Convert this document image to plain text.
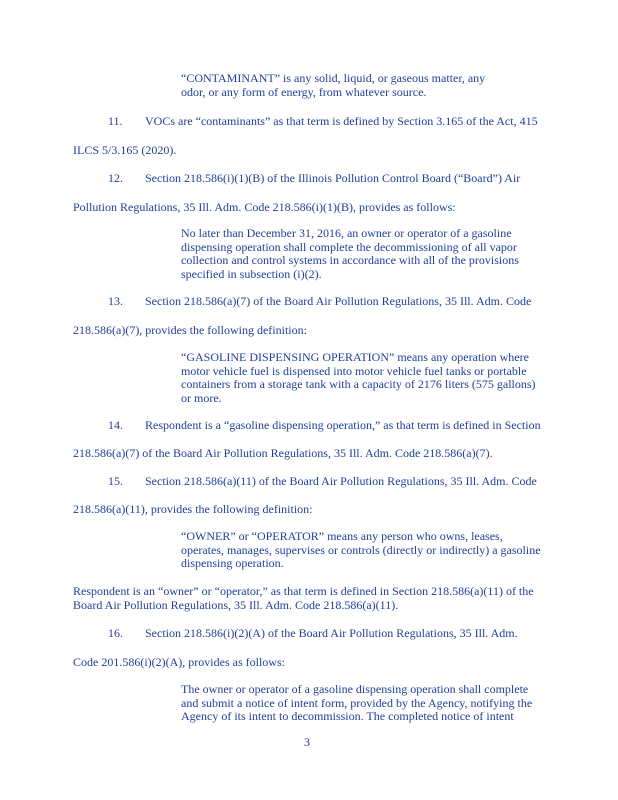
“CONTAMINANT” is any solid, liquid, or gaseous matter, any
odor, or any form of energy, from whatever source.

11. VOCs are “contaminants” as that term is defined by Section 3.165 of the Act, 415

ILCS 5/3.165 (2020).

12. Section 218.586(i)(1)(B) of the Illinois Pollution Control Board (“Board”) Air

Pollution Regulations, 35 Ill. Adm. Code 218.586(i)(1)(B), provides as follows:

No later than December 31, 2016, an owner or operator of a gasoline
dispensing operation shall complete the decommissioning of all vapor
collection and control systems in accordance with all of the provisions
specified in subsection (i)(2).

13. Section 218.586(a)(7) of the Board Air Pollution Regulations, 35 Ill. Adm. Code

218.586(a)(7), provides the following definition:

“GASOLINE DISPENSING OPERATION” means any operation where
motor vehicle fuel is dispensed into motor vehicle fuel tanks or portable
containers from a storage tank with a capacity of 2176 liters (575 gallons)
or more.

14. Respondent is a “gasoline dispensing operation,” as that term is defined in Section

218.586(a)(7) of the Board Air Pollution Regulations, 35 Ill. Adm. Code 218.586(a)(7).

15. Section 218.586(a)(11) of the Board Air Pollution Regulations, 35 Ill. Adm. Code

218.586(a)(11), provides the following definition:

“OWNER” or “OPERATOR” means any person who owns, leases,
operates, manages, supervises or controls (directly or indirectly) a gasoline
dispensing operation.
Respondent is an “owner” or “operator,” as that term is defined in Section 218.586(a)(11) of the
Board Air Pollution Regulations, 35 Ill. Adm. Code 218.586(a)(11).

16. Section 218.586(i)(2)(A) of the Board Air Pollution Regulations, 35 Ill. Adm.

Code 201.586(i)(2)(A), provides as follows:

The owner or operator of a gasoline dispensing operation shall complete
and submit a notice of intent form, provided by the Agency, notifying the
Agency of its intent to decommission. The completed notice of intent

3
